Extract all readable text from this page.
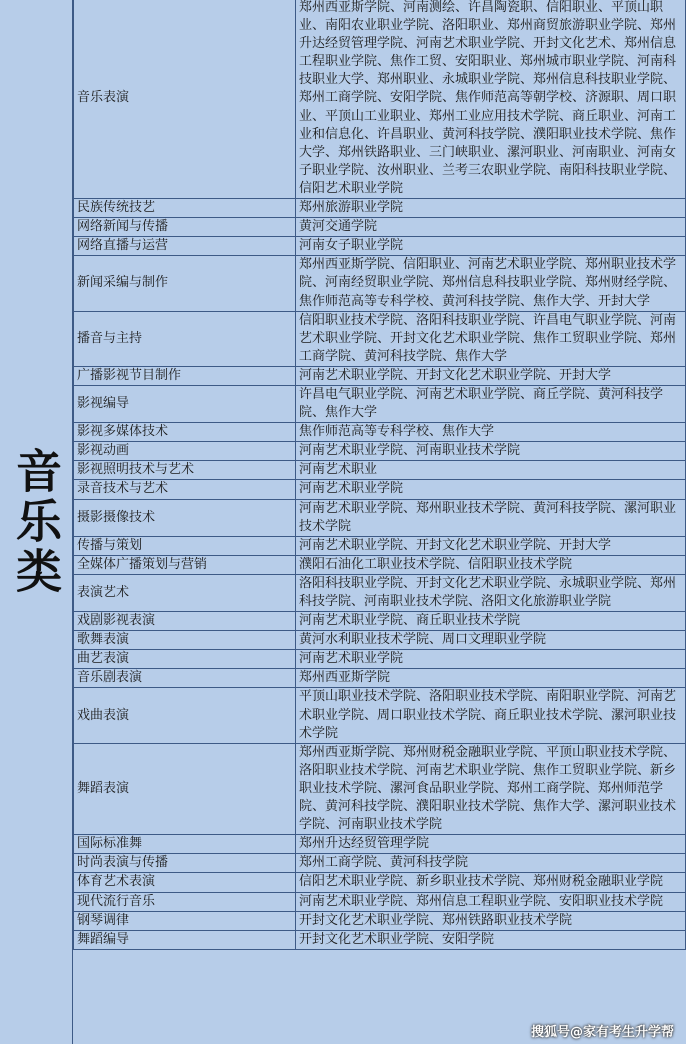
音乐类
音乐表演	郑州西亚斯学院、河南测绘、许昌陶瓷职、信阳职业、平顶山职业、南阳农业职业学院、洛阳职业、郑州商贸旅游职业学院、郑州升达经贸管理学院、河南艺术职业学院、开封文化艺术、郑州信息工程职业学院、焦作工贸、安阳职业、郑州城市职业学院、河南科技职业大学、郑州职业、永城职业学院、郑州信息科技职业学院、郑州工商学院、安阳学院、焦作师范高等朝学校、济源职、周口职业、平顶山工业职业、郑州工业应用技术学院、商丘职业、河南工业和信息化、许昌职业、黄河科技学院、濮阳职业技术学院、焦作大学、郑州铁路职业、三门峡职业、漯河职业、河南职业、河南女子职业学院、汝州职业、兰考三农职业学院、南阳科技职业学院、信阳艺术职业学院
民族传统技艺	郑州旅游职业学院
网络新闻与传播	黄河交通学院
网络直播与运营	河南女子职业学院
新闻采编与制作	郑州西亚斯学院、信阳职业、河南艺术职业学院、郑州职业技术学院、河南经贸职业学院、郑州信息科技职业学院、郑州财经学院、焦作师范高等专科学校、黄河科技学院、焦作大学、开封大学
播音与主持	信阳职业技术学院、洛阳科技职业学院、许昌电气职业学院、河南艺术职业学院、开封文化艺术职业学院、焦作工贸职业学院、郑州工商学院、黄河科技学院、焦作大学
广播影视节目制作	河南艺术职业学院、开封文化艺术职业学院、开封大学
影视编导	许昌电气职业学院、河南艺术职业学院、商丘学院、黄河科技学院、焦作大学
影视多媒体技术	焦作师范高等专科学校、焦作大学
影视动画	河南艺术职业学院、河南职业技术学院
影视照明技术与艺术	河南艺术职业
录音技术与艺术	河南艺术职业学院
摄影摄像技术	河南艺术职业学院、郑州职业技术学院、黄河科技学院、漯河职业技术学院
传播与策划	河南艺术职业学院、开封文化艺术职业学院、开封大学
全媒体广播策划与营销	濮阳石油化工职业技术学院、信阳职业技术学院
表演艺术	洛阳科技职业学院、开封文化艺术职业学院、永城职业学院、郑州科技学院、河南职业技术学院、洛阳文化旅游职业学院
戏剧影视表演	河南艺术职业学院、商丘职业技术学院
歌舞表演	黄河水利职业技术学院、周口文理职业学院
曲艺表演	河南艺术职业学院
音乐剧表演	郑州西亚斯学院
戏曲表演	平顶山职业技术学院、洛阳职业技术学院、南阳职业学院、河南艺术职业学院、周口职业技术学院、商丘职业技术学院、漯河职业技术学院
舞蹈表演	郑州西亚斯学院、郑州财税金融职业学院、平顶山职业技术学院、洛阳职业技术学院、河南艺术职业学院、焦作工贸职业学院、新乡职业技术学院、漯河食品职业学院、郑州工商学院、郑州师范学院、黄河科技学院、濮阳职业技术学院、焦作大学、漯河职业技术学院、河南职业技术学院
国际标准舞	郑州升达经贸管理学院
时尚表演与传播	郑州工商学院、黄河科技学院
体育艺术表演	信阳艺术职业学院、新乡职业技术学院、郑州财税金融职业学院
现代流行音乐	河南艺术职业学院、郑州信息工程职业学院、安阳职业技术学院
钢琴调律	开封文化艺术职业学院、郑州铁路职业技术学院
舞蹈编导	开封文化艺术职业学院、安阳学院
搜狐号@家有考生升学帮
